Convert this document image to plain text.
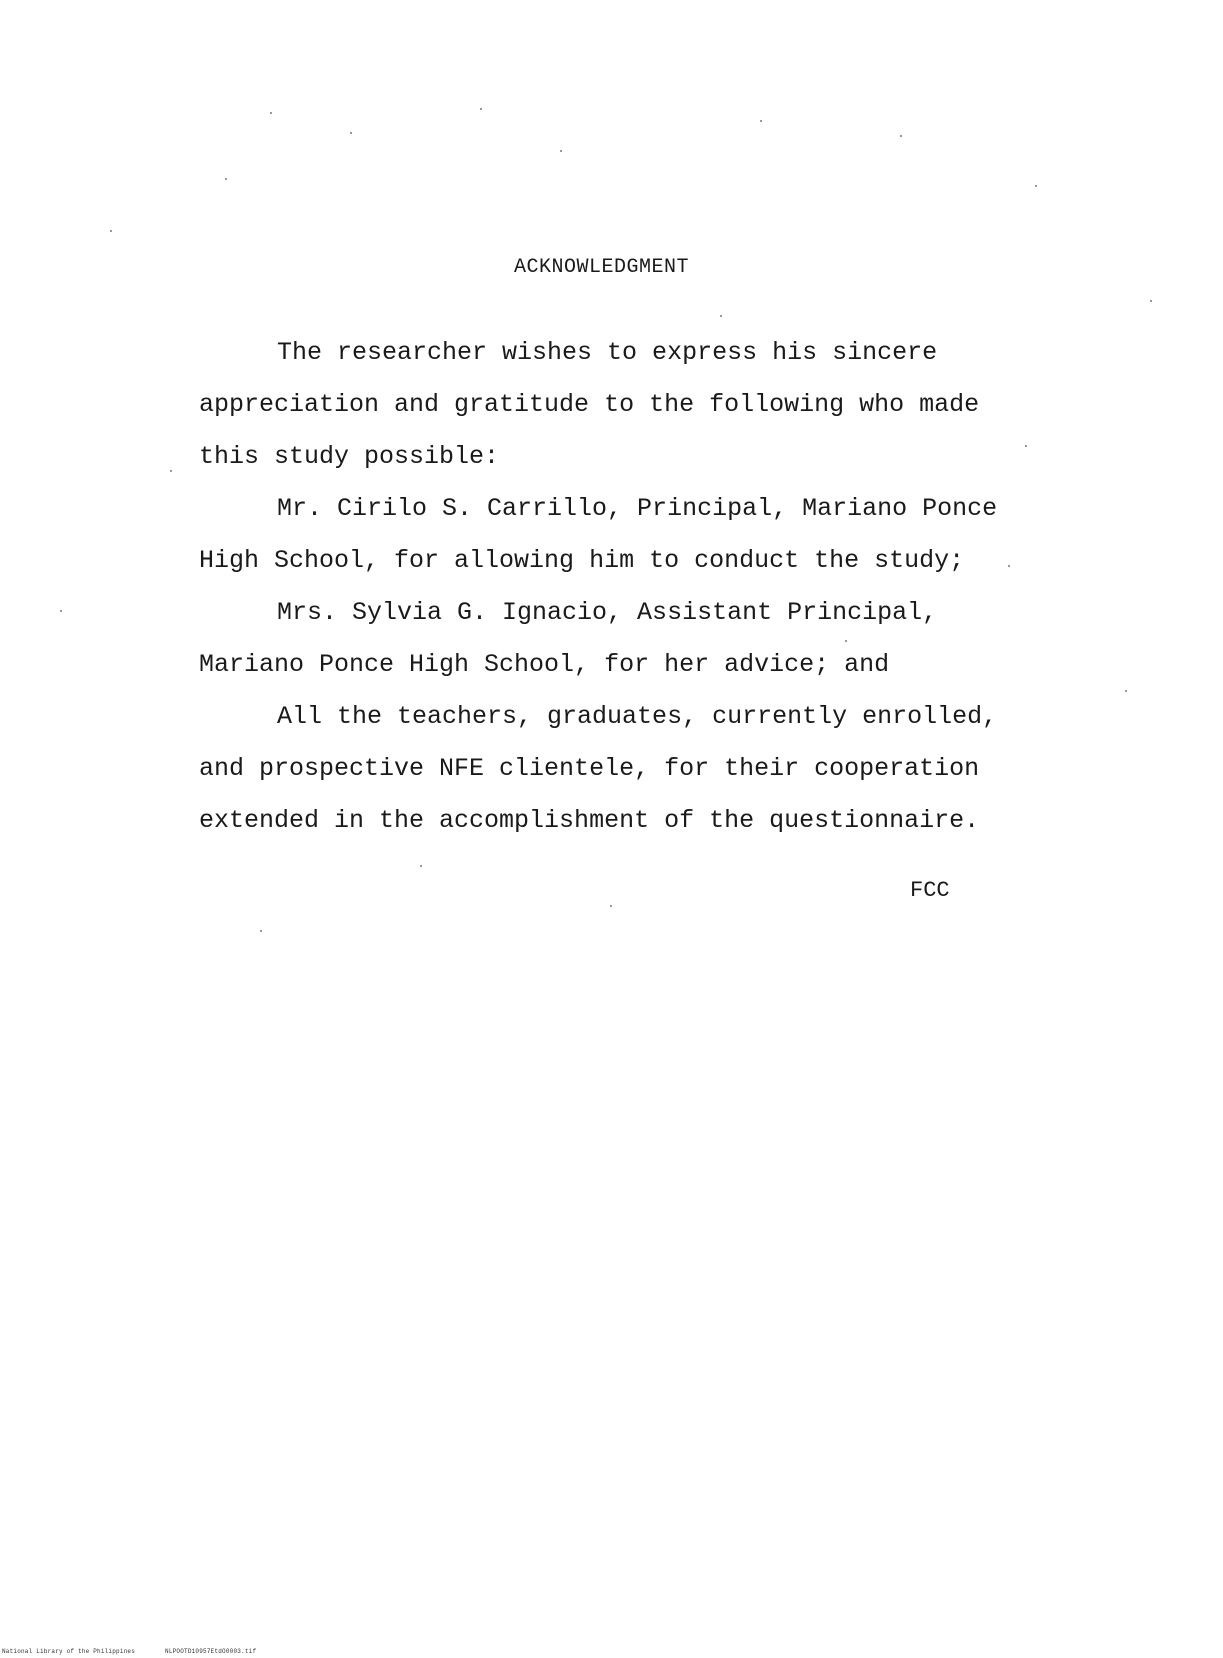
ACKNOWLEDGMENT

The researcher wishes to express his sincere

appreciation and gratitude to the following who made

this study possible:

Mr. Cirilo S. Carrillo, Principal, Mariano Ponce

High School, for allowing him to conduct the study;

Mrs. Sylvia G. Ignacio, Assistant Principal,

Mariano Ponce High School, for her advice; and

All the teachers, graduates, currently enrolled,

and prospective NFE clientele, for their cooperation

extended in the accomplishment of the questionnaire.

FCC
National Library of the Philippines	NLPOOTD10957EtdO0003.tif
